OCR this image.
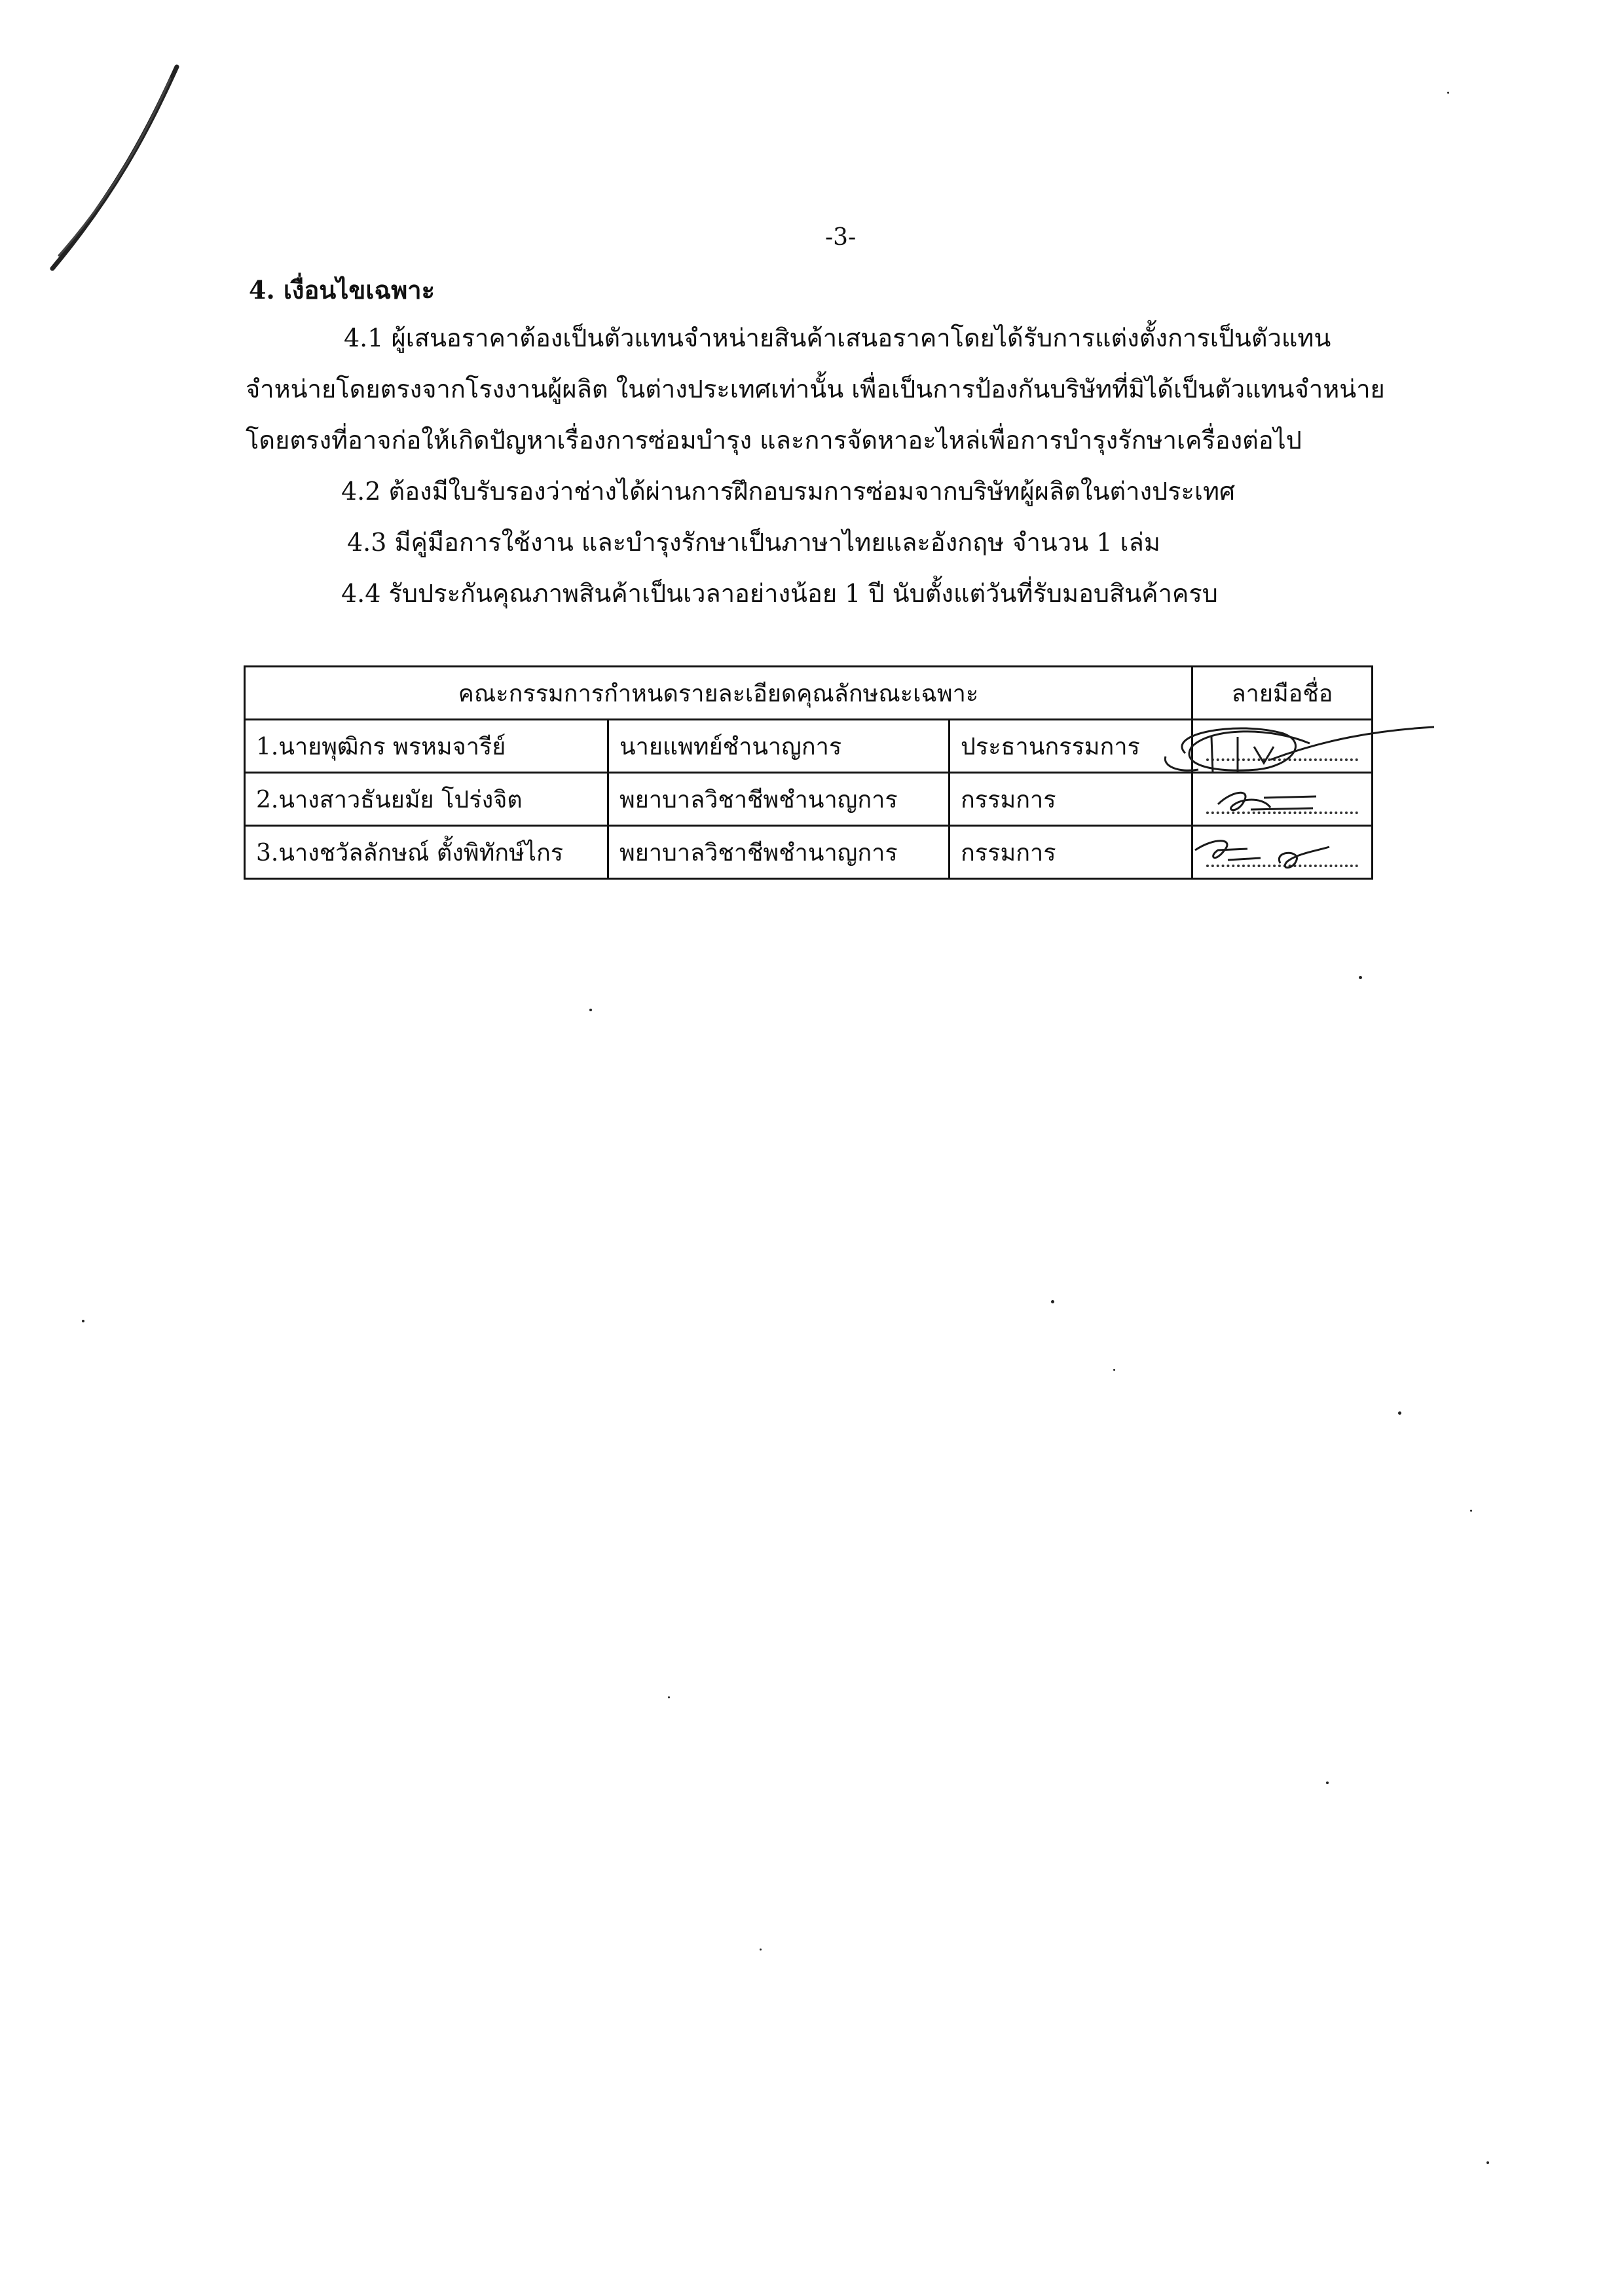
-3-
4. เงื่อนไขเฉพาะ
4.1 ผู้เสนอราคาต้องเป็นตัวแทนจำหน่ายสินค้าเสนอราคาโดยได้รับการแต่งตั้งการเป็นตัวแทน
จำหน่ายโดยตรงจากโรงงานผู้ผลิต ในต่างประเทศเท่านั้น เพื่อเป็นการป้องกันบริษัทที่มิได้เป็นตัวแทนจำหน่าย
โดยตรงที่อาจก่อให้เกิดปัญหาเรื่องการซ่อมบำรุง และการจัดหาอะไหล่เพื่อการบำรุงรักษาเครื่องต่อไป
4.2 ต้องมีใบรับรองว่าช่างได้ผ่านการฝึกอบรมการซ่อมจากบริษัทผู้ผลิตในต่างประเทศ
4.3 มีคู่มือการใช้งาน และบำรุงรักษาเป็นภาษาไทยและอังกฤษ จำนวน 1 เล่ม
4.4 รับประกันคุณภาพสินค้าเป็นเวลาอย่างน้อย 1 ปี นับตั้งแต่วันที่รับมอบสินค้าครบ
คณะกรรมการกำหนดรายละเอียดคุณลักษณะเฉพาะ			ลายมือชื่อ
1.นายพุฒิกร พรหมจารีย์	นายแพทย์ชำนาญการ	ประธานกรรมการ	

2.นางสาวธันยมัย โปร่งจิต	พยาบาลวิชาชีพชำนาญการ	กรรมการ	

3.นางชวัลลักษณ์ ตั้งพิทักษ์ไกร	พยาบาลวิชาชีพชำนาญการ	กรรมการ	
